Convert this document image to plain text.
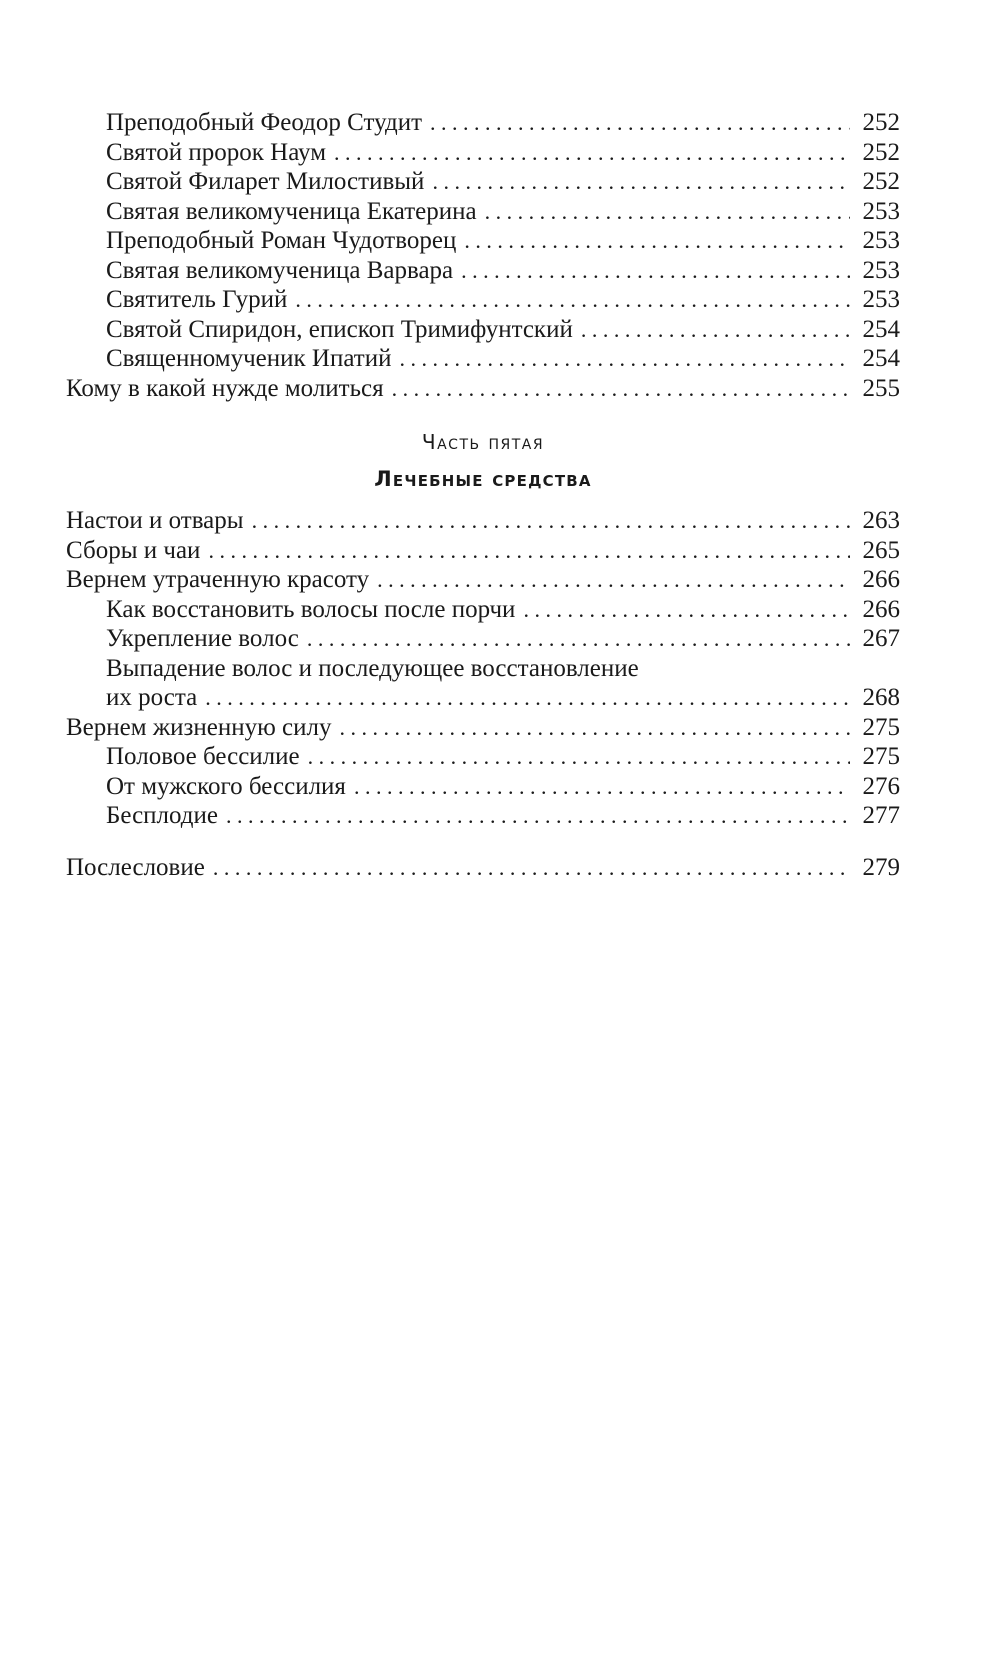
Преподобный Феодор Студит . . .	252
Святой пророк Наум . . .	252
Святой Филарет Милостивый . . .	252
Святая великомученица Екатерина . . .	253
Преподобный Роман Чудотворец . . .	253
Святая великомученица Варвара . . .	253
Святитель Гурий . . .	253
Святой Спиридон, епископ Тримифунтский . . .	254
Священномученик Ипатий . . .	254
Кому в какой нужде молиться . . .	255
Часть пятая
Лечебные средства
Настои и отвары . . .	263
Сборы и чаи . . .	265
Вернем утраченную красоту . . .	266
Как восстановить волосы после порчи . . .	266
Укрепление волос . . .	267
Выпадение волос и последующее восстановление
их роста . . .	268
Вернем жизненную силу . . .	275
Половое бессилие . . .	275
От мужского бессилия . . .	276
Бесплодие . . .	277
Послесловие . . .	279
